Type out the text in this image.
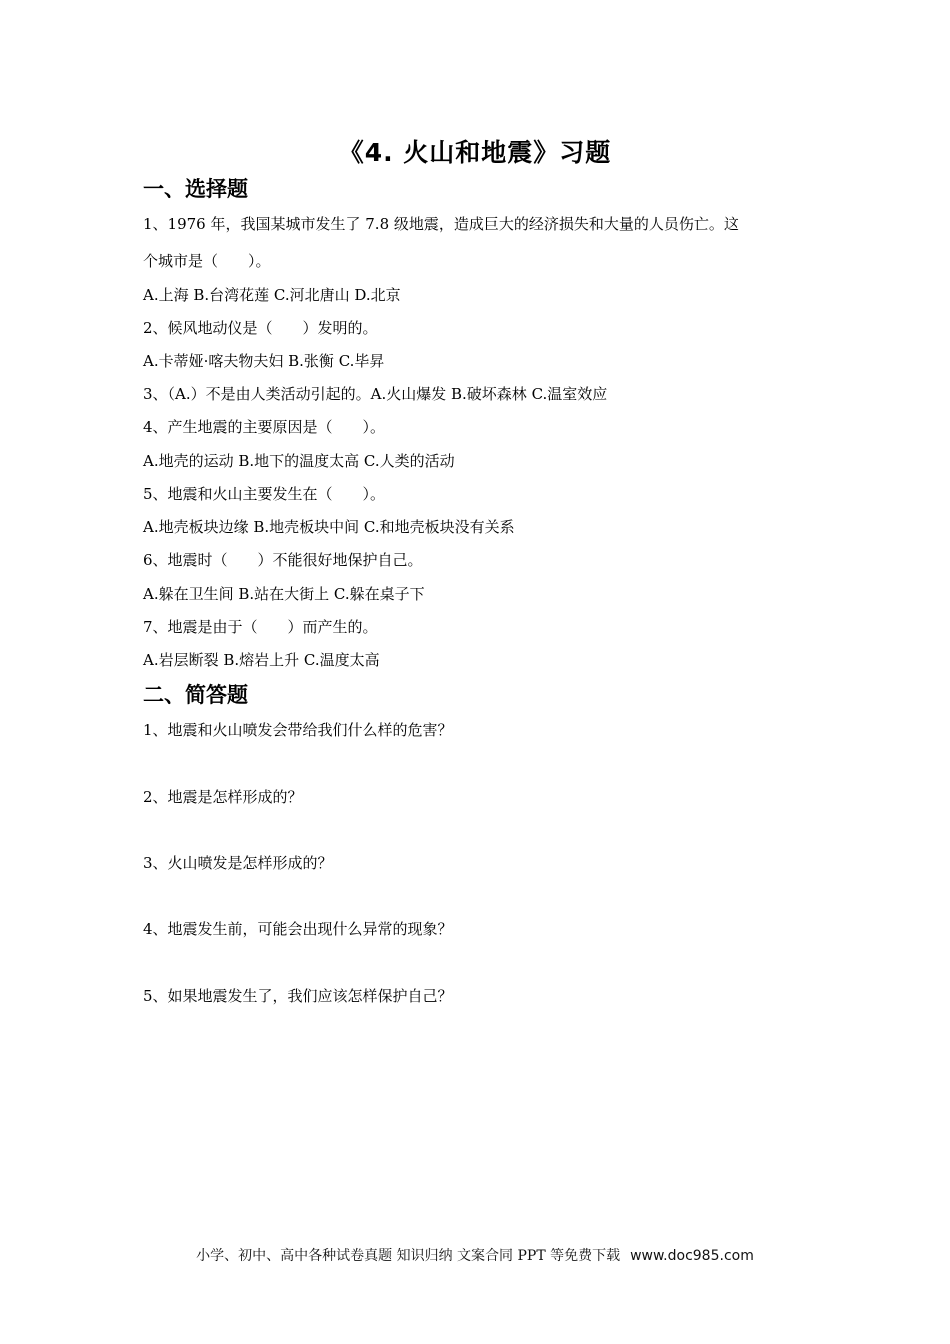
《4. 火山和地震》习题
一、选择题
1、1976 年，我国某城市发生了 7.8 级地震，造成巨大的经济损失和大量的人员伤亡。这
个城市是（　　）。
A.上海 B.台湾花莲 C.河北唐山 D.北京
2、候风地动仪是（　　）发明的。
A.卡蒂娅·喀夫物夫妇 B.张衡 C.毕昇
3、（A.）不是由人类活动引起的。A.火山爆发 B.破坏森林 C.温室效应
4、产生地震的主要原因是（　　）。
A.地壳的运动 B.地下的温度太高 C.人类的活动
5、地震和火山主要发生在（　　）。
A.地壳板块边缘 B.地壳板块中间 C.和地壳板块没有关系
6、地震时（　　）不能很好地保护自己。
A.躲在卫生间 B.站在大街上 C.躲在桌子下
7、地震是由于（　　）而产生的。
A.岩层断裂 B.熔岩上升 C.温度太高
二、简答题
1、地震和火山喷发会带给我们什么样的危害？
2、地震是怎样形成的？
3、火山喷发是怎样形成的？
4、地震发生前，可能会出现什么异常的现象？
5、如果地震发生了，我们应该怎样保护自己？
小学、初中、高中各种试卷真题 知识归纳 文案合同 PPT 等免费下载 www.doc985.com
